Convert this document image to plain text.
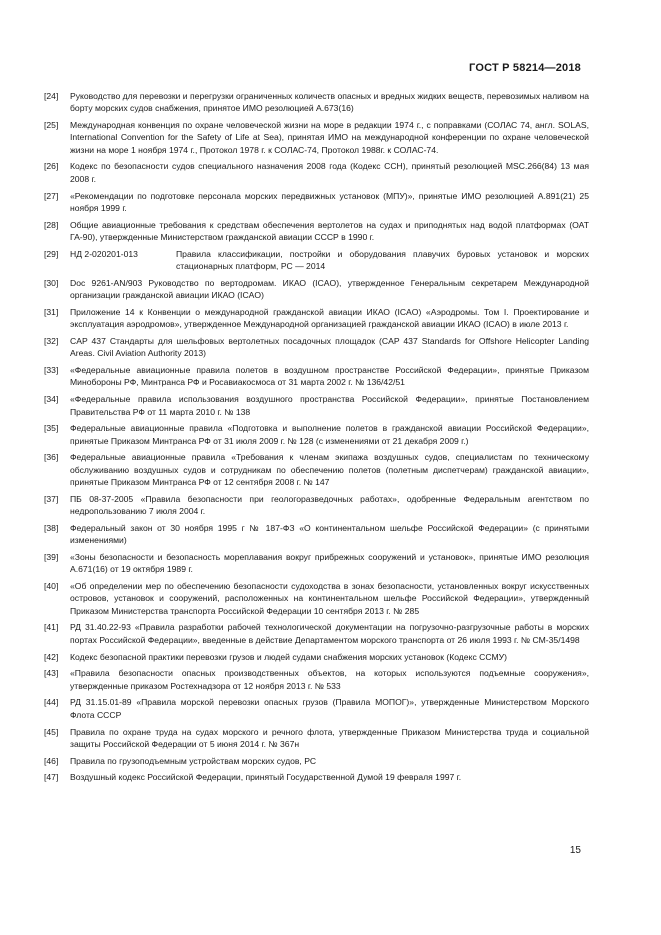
ГОСТ Р 58214—2018
[24]	Руководство для перевозки и перегрузки ограниченных количеств опасных и вредных жидких веществ, перевозимых наливом на борту морских судов снабжения, принятое ИМО резолюцией А.673(16)
[25]	Международная конвенция по охране человеческой жизни на море в редакции 1974 г., с поправками (СОЛАС 74, англ. SOLAS, International Convention for the Safety of Life at Sea), принятая ИМО на международной конференции по охране человеческой жизни на море 1 ноября 1974 г., Протокол 1978 г. к СОЛАС-74, Протокол 1988г. к СОЛАС-74.
[26]	Кодекс по безопасности судов специального назначения 2008 года (Кодекс ССН), принятый резолюцией MSC.266(84) 13 мая 2008 г.
[27]	«Рекомендации по подготовке персонала морских передвижных установок (МПУ)», принятые ИМО резолюцией А.891(21) 25 ноября 1999 г.
[28]	Общие авиационные требования к средствам обеспечения вертолетов на судах и приподнятых над водой платформах (ОАТ ГА-90), утвержденные Министерством гражданской авиации СССР в 1990 г.
[29]	НД 2-020201-013	Правила классификации, постройки и оборудования плавучих буровых установок и морских стационарных платформ, РС — 2014
[30]	Doc 9261-AN/903 Руководство по вертодромам. ИКАО (ICAO), утвержденное Генеральным секретарем Международной организации гражданской авиации ИКАО (ICAO)
[31]	Приложение 14 к Конвенции о международной гражданской авиации ИКАО (ICAO) «Аэродромы. Том I. Проектирование и эксплуатация аэродромов», утвержденное Международной организацией гражданской авиации ИКАО (ICAO) в июле 2013 г.
[32]	CAP 437 Стандарты для шельфовых вертолетных посадочных площадок (CAP 437 Standards for Offshore Helicopter Landing Areas. Civil Aviation Authority 2013)
[33]	«Федеральные авиационные правила полетов в воздушном пространстве Российской Федерации», принятые Приказом Минобороны РФ, Минтранса РФ и Росавиакосмоса от 31 марта 2002 г. № 136/42/51
[34]	«Федеральные правила использования воздушного пространства Российской Федерации», принятые Постановлением Правительства РФ от 11 марта 2010 г. № 138
[35]	Федеральные авиационные правила «Подготовка и выполнение полетов в гражданской авиации Российской Федерации», принятые Приказом Минтранса РФ от 31 июля 2009 г. № 128 (с изменениями от 21 декабря 2009 г.)
[36]	Федеральные авиационные правила «Требования к членам экипажа воздушных судов, специалистам по техническому обслуживанию воздушных судов и сотрудникам по обеспечению полетов (полетным диспетчерам) гражданской авиации», принятые Приказом Минтранса РФ от 12 сентября 2008 г. № 147
[37]	ПБ 08-37-2005 «Правила безопасности при геологоразведочных работах», одобренные Федеральным агентством по недропользованию 7 июля 2004 г.
[38]	Федеральный закон от 30 ноября 1995 г № 187-ФЗ «О континентальном шельфе Российской Федерации» (с принятыми изменениями)
[39]	«Зоны безопасности и безопасность мореплавания вокруг прибрежных сооружений и установок», принятые ИМО резолюция А.671(16) от 19 октября 1989 г.
[40]	«Об определении мер по обеспечению безопасности судоходства в зонах безопасности, установленных вокруг искусственных островов, установок и сооружений, расположенных на континентальном шельфе Российской Федерации», утвержденный Приказом Министерства транспорта Российской Федерации 10 сентября 2013 г. № 285
[41]	РД 31.40.22-93 «Правила разработки рабочей технологической документации на погрузочно-разгрузочные работы в морских портах Российской Федерации», введенные в действие Департаментом морского транспорта от 26 июля 1993 г. № СМ-35/1498
[42]	Кодекс безопасной практики перевозки грузов и людей судами снабжения морских установок (Кодекс ССМУ)
[43]	«Правила безопасности опасных производственных объектов, на которых используются подъемные сооружения», утвержденные приказом Ростехнадзора от 12 ноября 2013 г. № 533
[44]	РД 31.15.01-89 «Правила морской перевозки опасных грузов (Правила МОПОГ)», утвержденные Министерством Морского Флота СССР
[45]	Правила по охране труда на судах морского и речного флота, утвержденные Приказом Министерства труда и социальной защиты Российской Федерации от 5 июня 2014 г. № 367н
[46]	Правила по грузоподъемным устройствам морских судов, РС
[47]	Воздушный кодекс Российской Федерации, принятый Государственной Думой 19 февраля 1997 г.
15
